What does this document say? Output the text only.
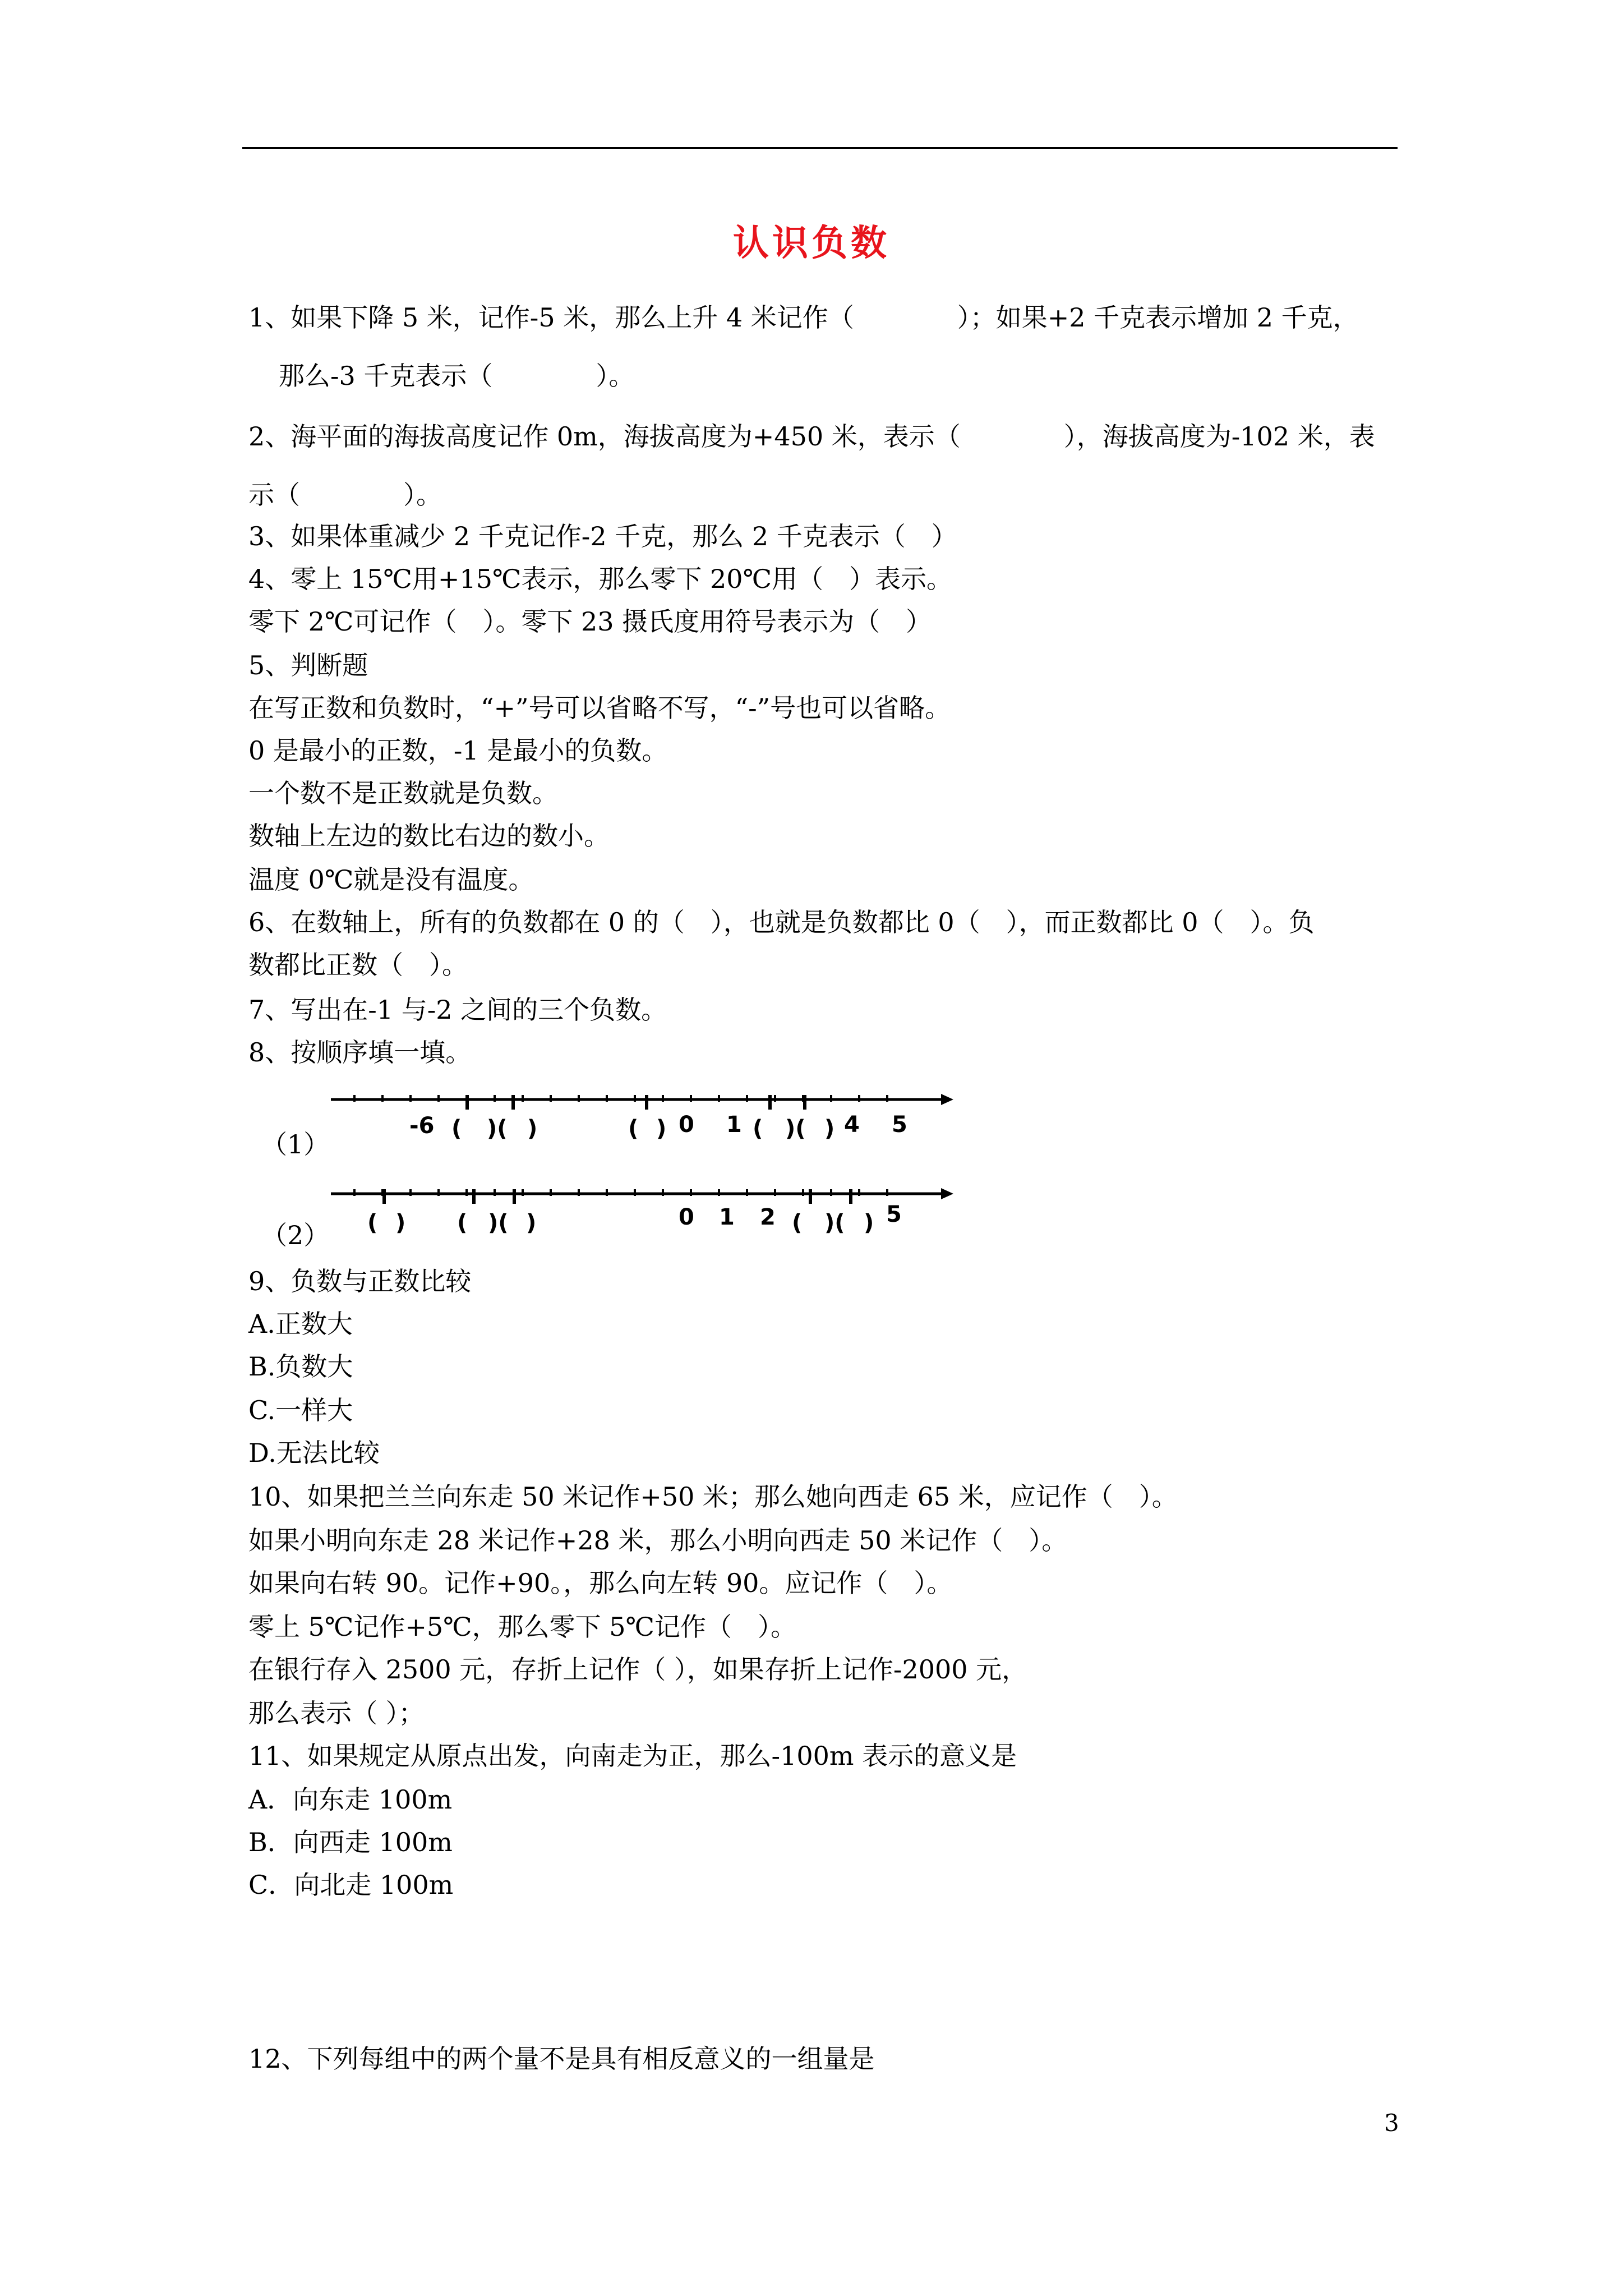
认识负数
1、如果下降 5 米，记作-5 米，那么上升 4 米记作（　　　　）；如果+2 千克表示增加 2 千克，
那么-3 千克表示（　　　　）。
2、海平面的海拔高度记作 0m，海拔高度为+450 米，表示（　　　　），海拔高度为-102 米，表
示（　　　　）。
3、如果体重减少 2 千克记作-2 千克，那么 2 千克表示（　）
4、零上 15℃用+15℃表示，那么零下 20℃用（　）表示。
零下 2℃可记作（　）。零下 23 摄氏度用符号表示为（　）
5、判断题
在写正数和负数时，“+”号可以省略不写，“-”号也可以省略。
0 是最小的正数，-1 是最小的负数。
一个数不是正数就是负数。
数轴上左边的数比右边的数小。
温度 0℃就是没有温度。
6、在数轴上，所有的负数都在 0 的（　），也就是负数都比 0（　），而正数都比 0（　）。负
数都比正数（　）。
7、写出在-1 与-2 之间的三个负数。
8、按顺序填一填。
（1）
-6 ( )( )	( ) 0 1 ( )( ) 4 5
（2） ( ) ( )( )	0 1 2 ( )( ) 5
9、负数与正数比较
A.正数大
B.负数大
C.一样大
D.无法比较
10、如果把兰兰向东走 50 米记作+50 米；那么她向西走 65 米，应记作（　）。
如果小明向东走 28 米记作+28 米，那么小明向西走 50 米记作（　）。
如果向右转 90。记作+90。，那么向左转 90。应记作（　）。
零上 5℃记作+5℃，那么零下 5℃记作（　）。
在银行存入 2500 元，存折上记作（ ），如果存折上记作-2000 元，
那么表示（ ）；
11、如果规定从原点出发，向南走为正，那么-100m 表示的意义是
A．向东走 100m
B．向西走 100m
C．向北走 100m
12、下列每组中的两个量不是具有相反意义的一组量是
3
